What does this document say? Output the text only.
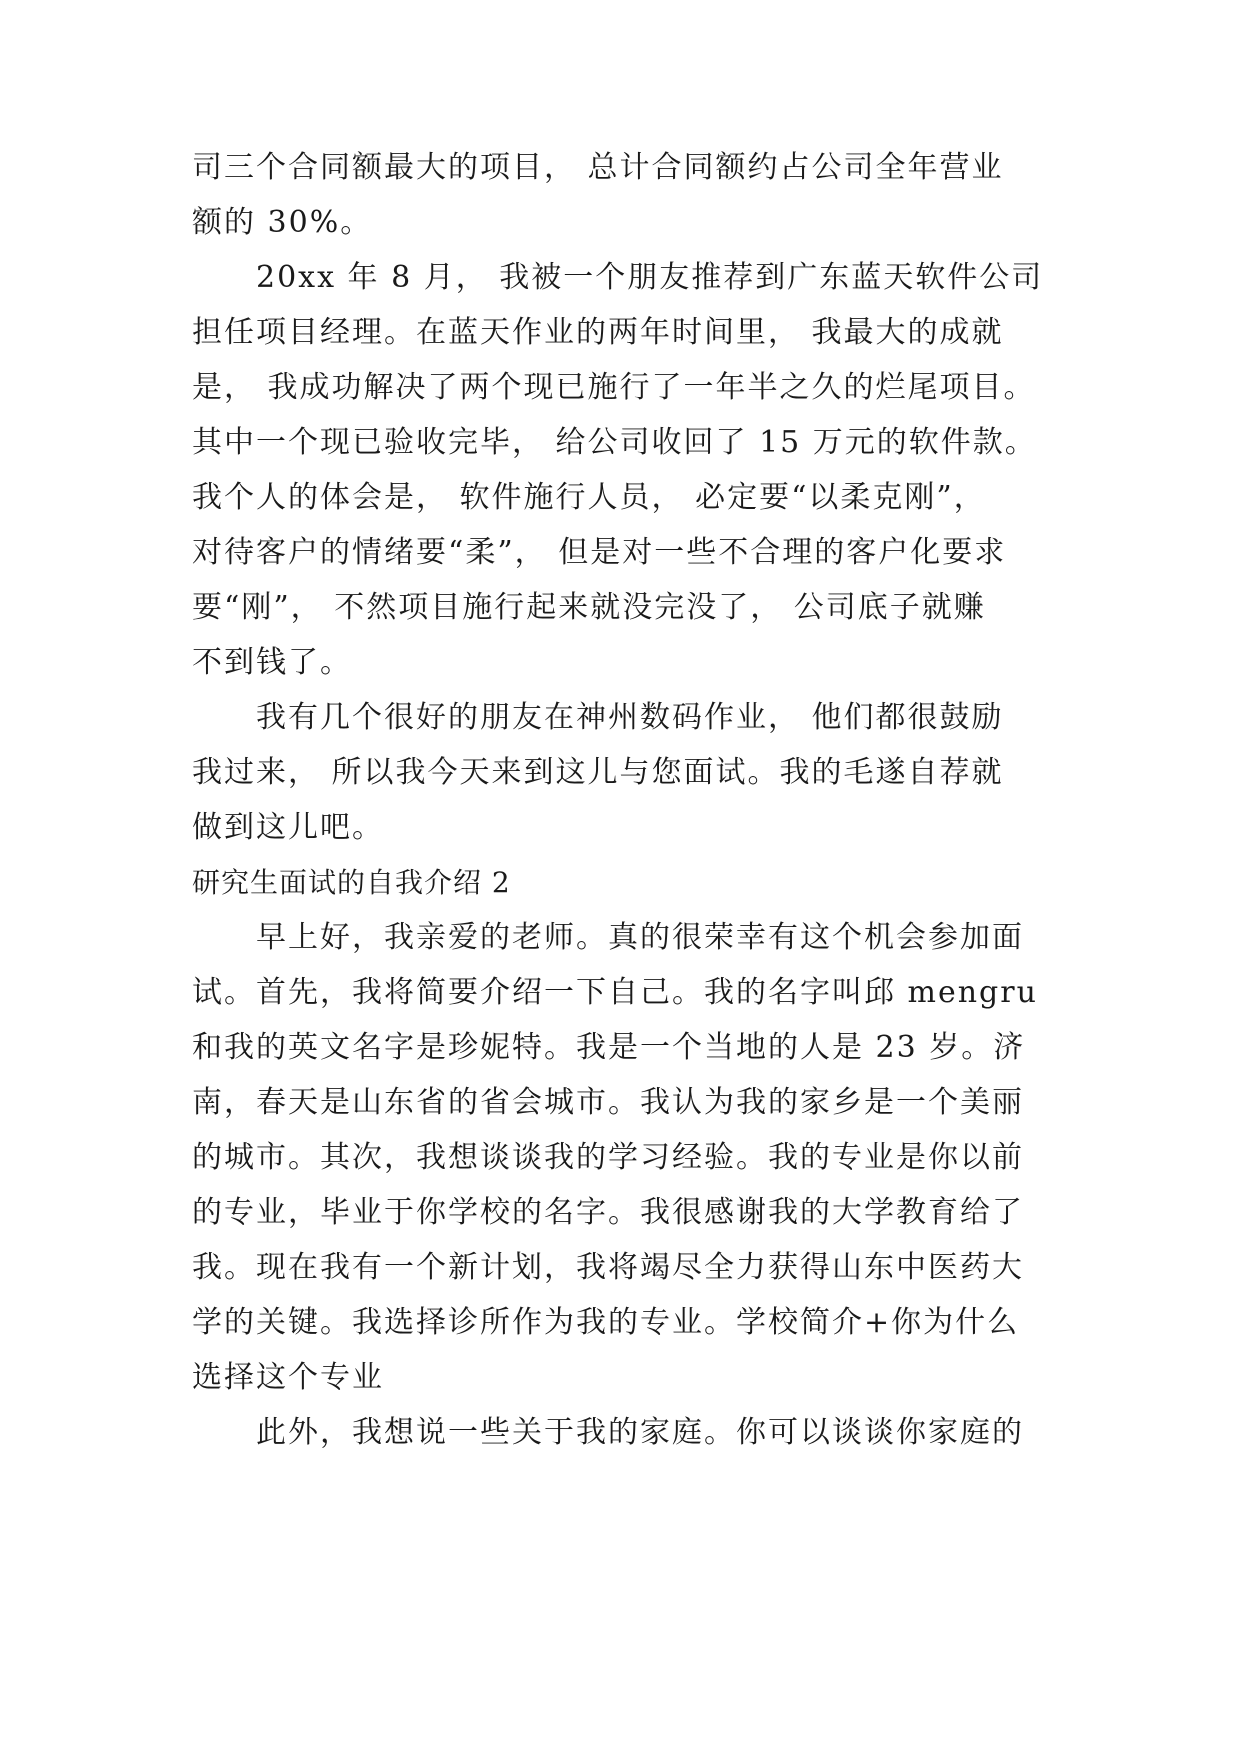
司三个合同额最大的项目， 总计合同额约占公司全年营业
额的 30%。
20xx 年 8 月， 我被一个朋友推荐到广东蓝天软件公司
担任项目经理。在蓝天作业的两年时间里， 我最大的成就
是， 我成功解决了两个现已施行了一年半之久的烂尾项目。
其中一个现已验收完毕， 给公司收回了 15 万元的软件款。
我个人的体会是， 软件施行人员， 必定要“以柔克刚”，
对待客户的情绪要“柔”， 但是对一些不合理的客户化要求
要“刚”， 不然项目施行起来就没完没了， 公司底子就赚
不到钱了。
我有几个很好的朋友在神州数码作业， 他们都很鼓励
我过来， 所以我今天来到这儿与您面试。我的毛遂自荐就
做到这儿吧。
研究生面试的自我介绍 2
早上好，我亲爱的老师。真的很荣幸有这个机会参加面
试。首先，我将简要介绍一下自己。我的名字叫邱 mengru
和我的英文名字是珍妮特。我是一个当地的人是 23 岁。济
南，春天是山东省的省会城市。我认为我的家乡是一个美丽
的城市。其次，我想谈谈我的学习经验。我的专业是你以前
的专业，毕业于你学校的名字。我很感谢我的大学教育给了
我。现在我有一个新计划，我将竭尽全力获得山东中医药大
学的关键。我选择诊所作为我的专业。学校简介+你为什么
选择这个专业
此外，我想说一些关于我的家庭。你可以谈谈你家庭的
